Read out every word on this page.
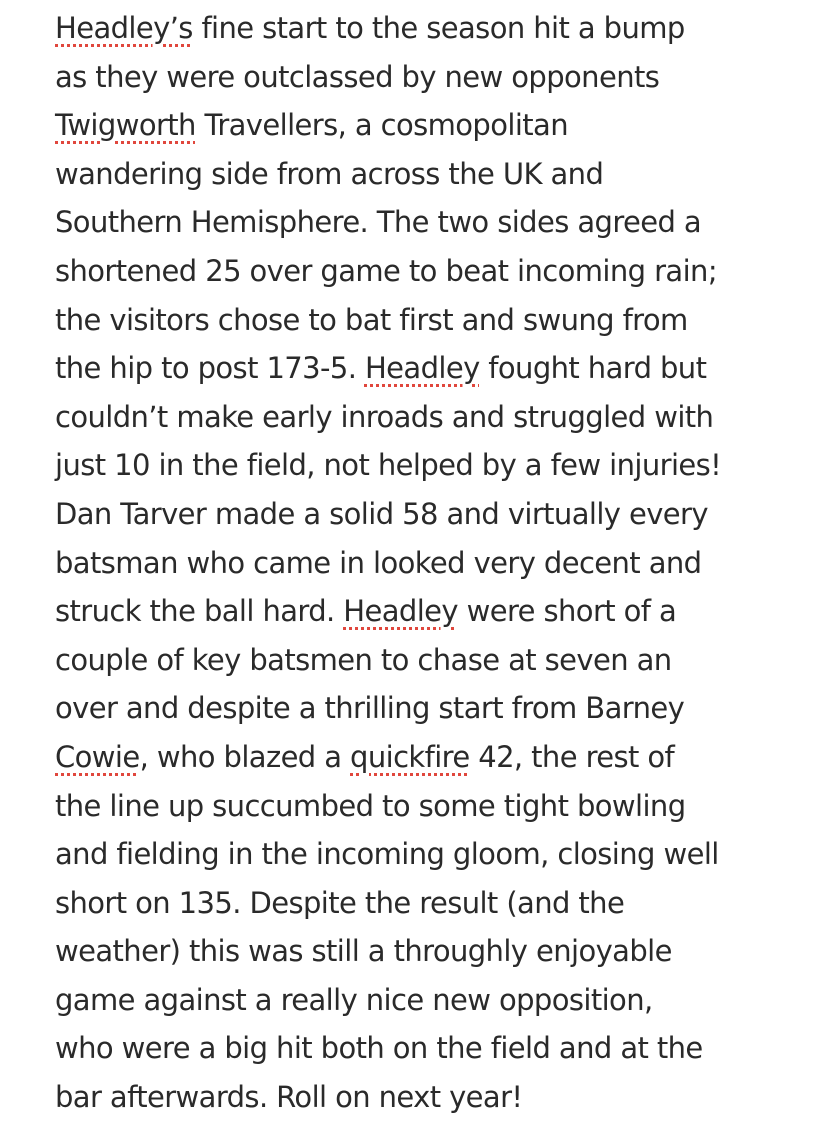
Headley’s fine start to the season hit a bump
as they were outclassed by new opponents
Twigworth Travellers, a cosmopolitan
wandering side from across the UK and
Southern Hemisphere. The two sides agreed a
shortened 25 over game to beat incoming rain;
the visitors chose to bat first and swung from
the hip to post 173-5. Headley fought hard but
couldn’t make early inroads and struggled with
just 10 in the field, not helped by a few injuries!
Dan Tarver made a solid 58 and virtually every
batsman who came in looked very decent and
struck the ball hard. Headley were short of a
couple of key batsmen to chase at seven an
over and despite a thrilling start from Barney
Cowie, who blazed a quickfire 42, the rest of
the line up succumbed to some tight bowling
and fielding in the incoming gloom, closing well
short on 135. Despite the result (and the
weather) this was still a throughly enjoyable
game against a really nice new opposition,
who were a big hit both on the field and at the
bar afterwards. Roll on next year!
